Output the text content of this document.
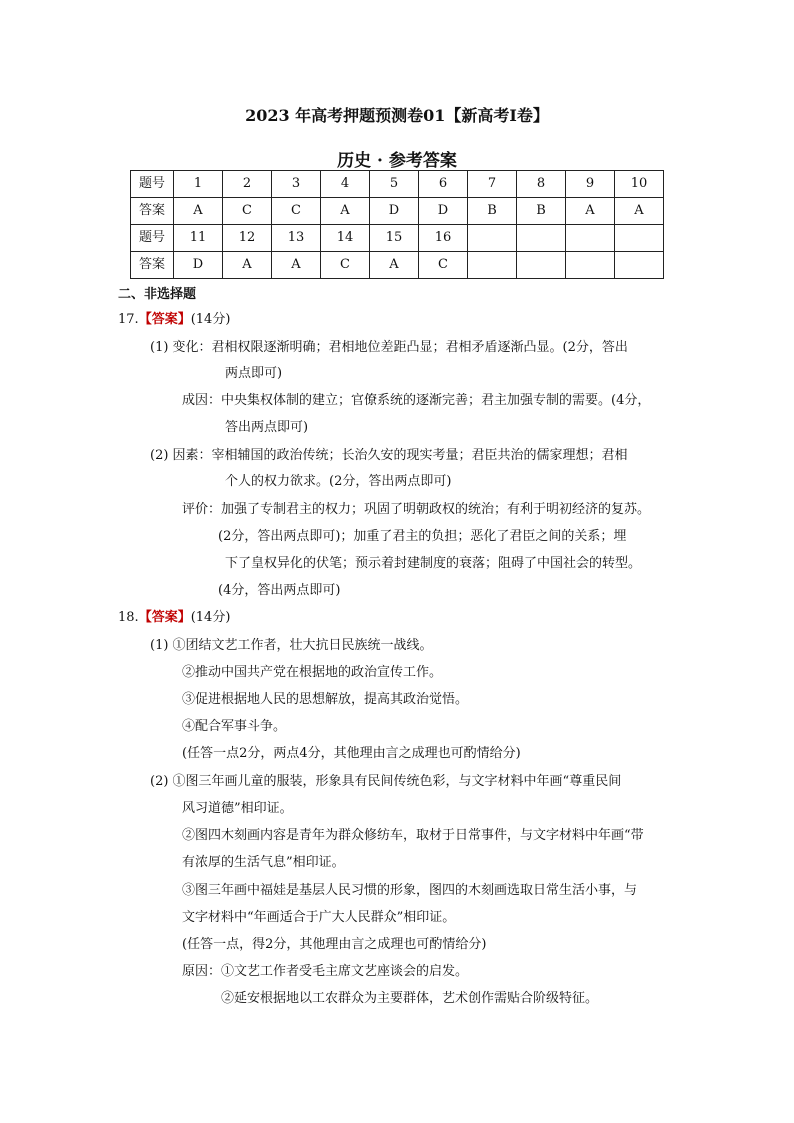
2023 年高考押题预测卷01【新高考I卷】
历史 · 参考答案
题号	1	2	3	4	5	6	7	8	9	10
答案	A	C	C	A	D	D	B	B	A	A
题号	11	12	13	14	15	16				
答案	D	A	A	C	A	C				
二、非选择题
17.【答案】(14分)
(1) 变化：君相权限逐渐明确；君相地位差距凸显；君相矛盾逐渐凸显。(2分，答出
两点即可)
成因：中央集权体制的建立；官僚系统的逐渐完善；君主加强专制的需要。(4分，
答出两点即可)
(2) 因素：宰相辅国的政治传统；长治久安的现实考量；君臣共治的儒家理想；君相
个人的权力欲求。(2分，答出两点即可)
评价：加强了专制君主的权力；巩固了明朝政权的统治；有利于明初经济的复苏。
(2分，答出两点即可)；加重了君主的负担；恶化了君臣之间的关系；埋
下了皇权异化的伏笔；预示着封建制度的衰落；阻碍了中国社会的转型。
(4分，答出两点即可)
18.【答案】(14分)
(1) ①团结文艺工作者，壮大抗日民族统一战线。
②推动中国共产党在根据地的政治宣传工作。
③促进根据地人民的思想解放，提高其政治觉悟。
④配合军事斗争。
(任答一点2分，两点4分，其他理由言之成理也可酌情给分)
(2) ①图三年画儿童的服装，形象具有民间传统色彩，与文字材料中年画“尊重民间
风习道德”相印证。
②图四木刻画内容是青年为群众修纺车，取材于日常事件，与文字材料中年画“带
有浓厚的生活气息”相印证。
③图三年画中福娃是基层人民习惯的形象，图四的木刻画选取日常生活小事，与
文字材料中“年画适合于广大人民群众”相印证。
(任答一点，得2分，其他理由言之成理也可酌情给分)
原因：①文艺工作者受毛主席文艺座谈会的启发。
②延安根据地以工农群众为主要群体，艺术创作需贴合阶级特征。
